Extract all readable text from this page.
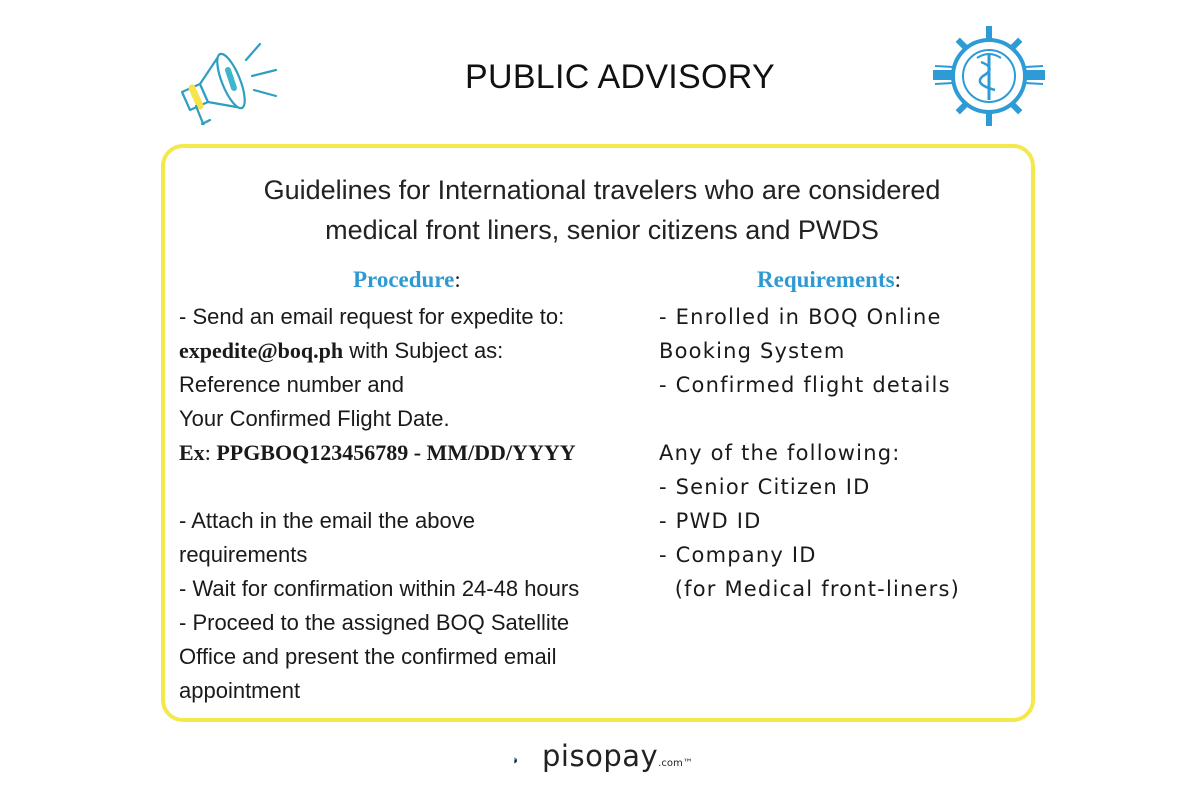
PUBLIC ADVISORY
Guidelines for International travelers who are considered
medical front liners, senior citizens and PWDS
Procedure:	Requirements:
- Send an email request for expedite to:
expedite@boq.ph with Subject as:
Reference number and
Your Confirmed Flight Date.
Ex: PPGBOQ123456789 - MM/DD/YYYY
- Attach in the email the above
requirements
- Wait for confirmation within 24-48 hours
- Proceed to the assigned BOQ Satellite
Office and present the confirmed email
appointment
- Enrolled in BOQ Online
Booking System
- Confirmed flight details
Any of the following:
- Senior Citizen ID
- PWD ID
- Company ID
(for Medical front-liners)
pisopay.com™
